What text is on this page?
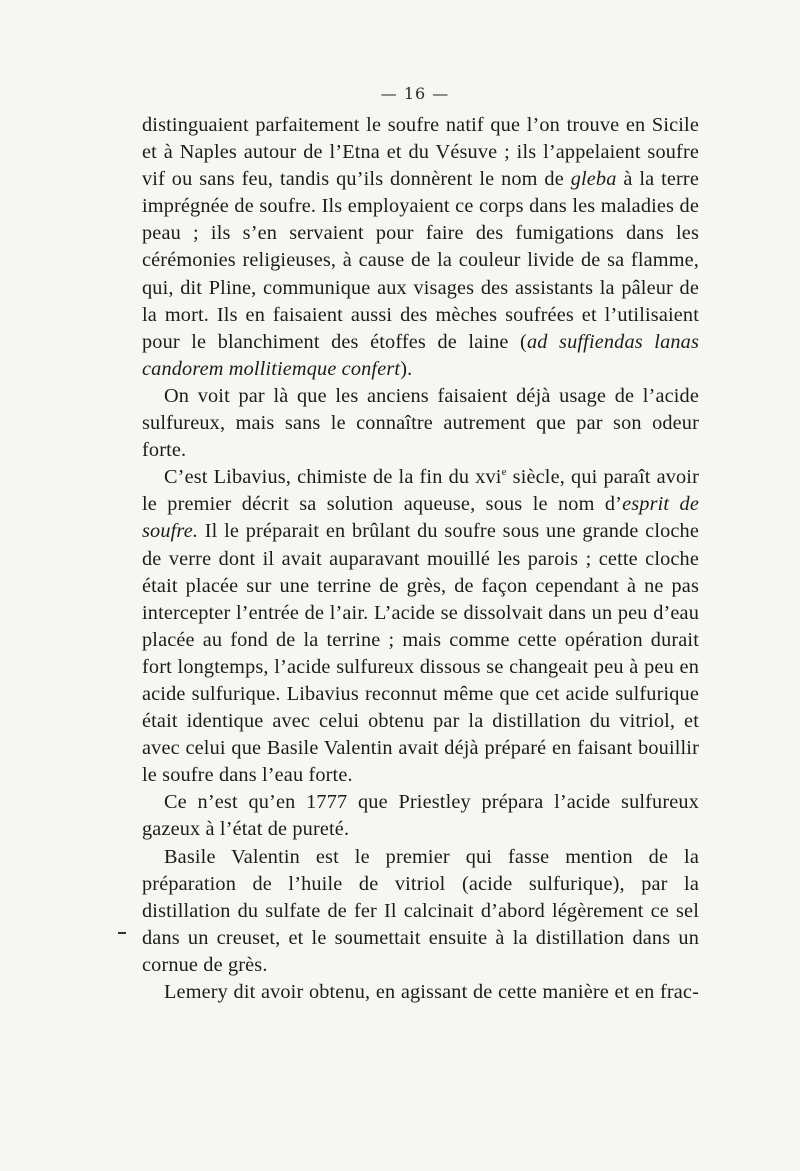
— 16 —

distinguaient parfaitement le soufre natif que l’on trouve en Sicile et à Naples autour de l’Etna et du Vésuve ; ils l’appelaient soufre vif ou sans feu, tandis qu’ils donnèrent le nom de gleba à la terre imprégnée de soufre. Ils employaient ce corps dans les maladies de peau ; ils s’en servaient pour faire des fumigations dans les cérémonies religieuses, à cause de la couleur livide de sa flamme, qui, dit Pline, communique aux visages des assistants la pâleur de la mort. Ils en faisaient aussi des mèches soufrées et l’utilisaient pour le blanchiment des étoffes de laine (ad suffiendas lanas candorem mollitiemque confert).

On voit par là que les anciens faisaient déjà usage de l’acide sulfureux, mais sans le connaître autrement que par son odeur forte.

C’est Libavius, chimiste de la fin du xvi$^e$ siècle, qui paraît avoir le premier décrit sa solution aqueuse, sous le nom d’esprit de soufre. Il le préparait en brûlant du soufre sous une grande cloche de verre dont il avait auparavant mouillé les parois ; cette cloche était placée sur une terrine de grès, de façon cependant à ne pas intercepter l’entrée de l’air. L’acide se dissolvait dans un peu d’eau placée au fond de la terrine ; mais comme cette opération durait fort longtemps, l’acide sulfureux dissous se changeait peu à peu en acide sulfurique. Libavius reconnut même que cet acide sulfurique était identique avec celui obtenu par la distillation du vitriol, et avec celui que Basile Valentin avait déjà préparé en faisant bouillir le soufre dans l’eau forte.

Ce n’est qu’en 1777 que Priestley prépara l’acide sulfureux gazeux à l’état de pureté.

Basile Valentin est le premier qui fasse mention de la préparation de l’huile de vitriol (acide sulfurique), par la distillation du sulfate de fer Il calcinait d’abord légèrement ce sel dans un creuset, et le soumettait ensuite à la distillation dans un cornue de grès.

Lemery dit avoir obtenu, en agissant de cette manière et en frac-
